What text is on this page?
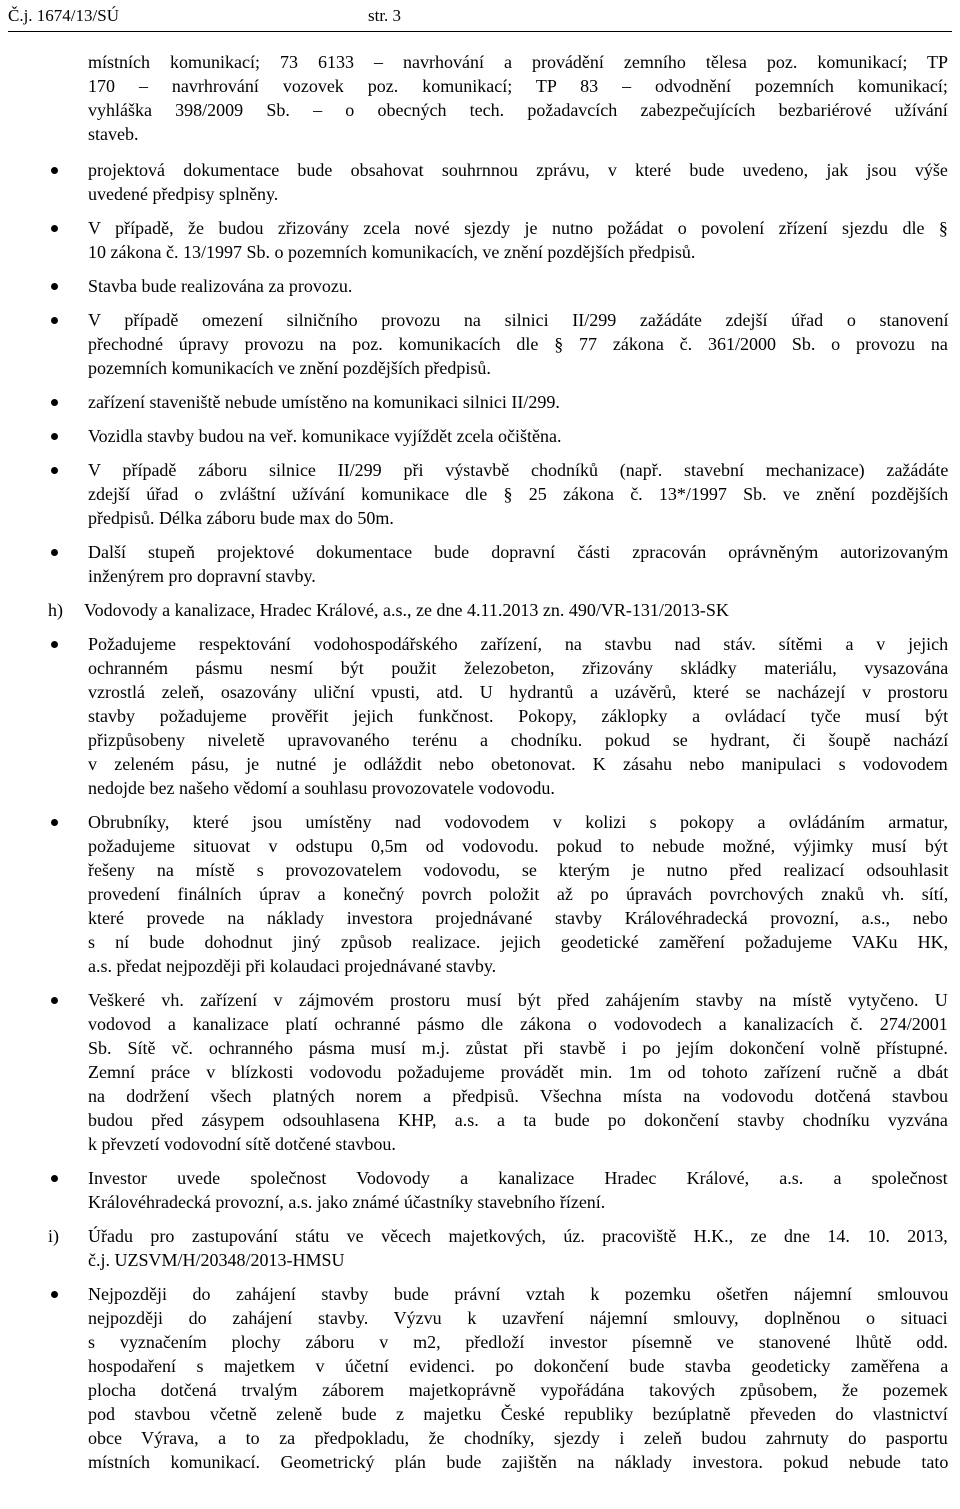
Č.j. 1674/13/SÚ	str. 3
místních komunikací; 73 6133 – navrhování a provádění zemního tělesa poz. komunikací; TP
170 – navrhrování vozovek poz. komunikací; TP 83 – odvodnění pozemních komunikací;
vyhláška 398/2009 Sb. – o obecných tech. požadavcích zabezpečujících bezbariérové užívání
staveb.
projektová dokumentace bude obsahovat souhrnnou zprávu, v které bude uvedeno, jak jsou výše
uvedené předpisy splněny.
V případě, že budou zřizovány zcela nové sjezdy je nutno požádat o povolení zřízení sjezdu dle §
10 zákona č. 13/1997 Sb. o pozemních komunikacích, ve znění pozdějších předpisů.
Stavba bude realizována za provozu.
V případě omezení silničního provozu na silnici II/299 zažádáte zdejší úřad o stanovení
přechodné úpravy provozu na poz. komunikacích dle § 77 zákona č. 361/2000 Sb. o provozu na
pozemních komunikacích ve znění pozdějších předpisů.
zařízení staveniště nebude umístěno na komunikaci silnici II/299.
Vozidla stavby budou na veř. komunikace vyjíždět zcela očištěna.
V případě záboru silnice II/299 při výstavbě chodníků (např. stavební mechanizace) zažádáte
zdejší úřad o zvláštní užívání komunikace dle § 25 zákona č. 13*/1997 Sb. ve znění pozdějších
předpisů. Délka záboru bude max do 50m.
Další stupeň projektové dokumentace bude dopravní části zpracován oprávněným autorizovaným
inženýrem pro dopravní stavby.
h) Vodovody a kanalizace, Hradec Králové, a.s., ze dne 4.11.2013 zn. 490/VR-131/2013-SK
Požadujeme respektování vodohospodářského zařízení, na stavbu nad stáv. sítěmi a v jejich
ochranném pásmu nesmí být použit železobeton, zřizovány skládky materiálu, vysazována
vzrostlá zeleň, osazovány uliční vpusti, atd. U hydrantů a uzávěrů, které se nacházejí v prostoru
stavby požadujeme prověřit jejich funkčnost. Pokopy, záklopky a ovládací tyče musí být
přizpůsobeny niveletě upravovaného terénu a chodníku. pokud se hydrant, či šoupě nachází
v zeleném pásu, je nutné je odláždit nebo obetonovat. K zásahu nebo manipulaci s vodovodem
nedojde bez našeho vědomí a souhlasu provozovatele vodovodu.
Obrubníky, které jsou umístěny nad vodovodem v kolizi s pokopy a ovládáním armatur,
požadujeme situovat v odstupu 0,5m od vodovodu. pokud to nebude možné, výjimky musí být
řešeny na místě s provozovatelem vodovodu, se kterým je nutno před realizací odsouhlasit
provedení finálních úprav a konečný povrch položit až po úpravách povrchových znaků vh. sítí,
které provede na náklady investora projednávané stavby Královéhradecká provozní, a.s., nebo
s ní bude dohodnut jiný způsob realizace. jejich geodetické zaměření požadujeme VAKu HK,
a.s. předat nejpozději při kolaudaci projednávané stavby.
Veškeré vh. zařízení v zájmovém prostoru musí být před zahájením stavby na místě vytyčeno. U
vodovod a kanalizace platí ochranné pásmo dle zákona o vodovodech a kanalizacích č. 274/2001
Sb. Sítě vč. ochranného pásma musí m.j. zůstat při stavbě i po jejím dokončení volně přístupné.
Zemní práce v blízkosti vodovodu požadujeme provádět min. 1m od tohoto zařízení ručně a dbát
na dodržení všech platných norem a předpisů. Všechna místa na vodovodu dotčená stavbou
budou před zásypem odsouhlasena KHP, a.s. a ta bude po dokončení stavby chodníku vyzvána
k převzetí vodovodní sítě dotčené stavbou.
Investor uvede společnost Vodovody a kanalizace Hradec Králové, a.s. a společnost
Královéhradecká provozní, a.s. jako známé účastníky stavebního řízení.
i) Úřadu pro zastupování státu ve věcech majetkových, úz. pracoviště H.K., ze dne 14. 10. 2013,
č.j. UZSVM/H/20348/2013-HMSU
Nejpozději do zahájení stavby bude právní vztah k pozemku ošetřen nájemní smlouvou
nejpozději do zahájení stavby. Výzvu k uzavření nájemní smlouvy, doplněnou o situaci
s vyznačením plochy záboru v m2, předloží investor písemně ve stanovené lhůtě odd.
hospodaření s majetkem v účetní evidenci. po dokončení bude stavba geodeticky zaměřena a
plocha dotčená trvalým záborem majetkoprávně vypořádána takových způsobem, že pozemek
pod stavbou včetně zeleně bude z majetku České republiky bezúplatně převeden do vlastnictví
obce Výrava, a to za předpokladu, že chodníky, sjezdy i zeleň budou zahrnuty do pasportu
místních komunikací. Geometrický plán bude zajištěn na náklady investora. pokud nebude tato
